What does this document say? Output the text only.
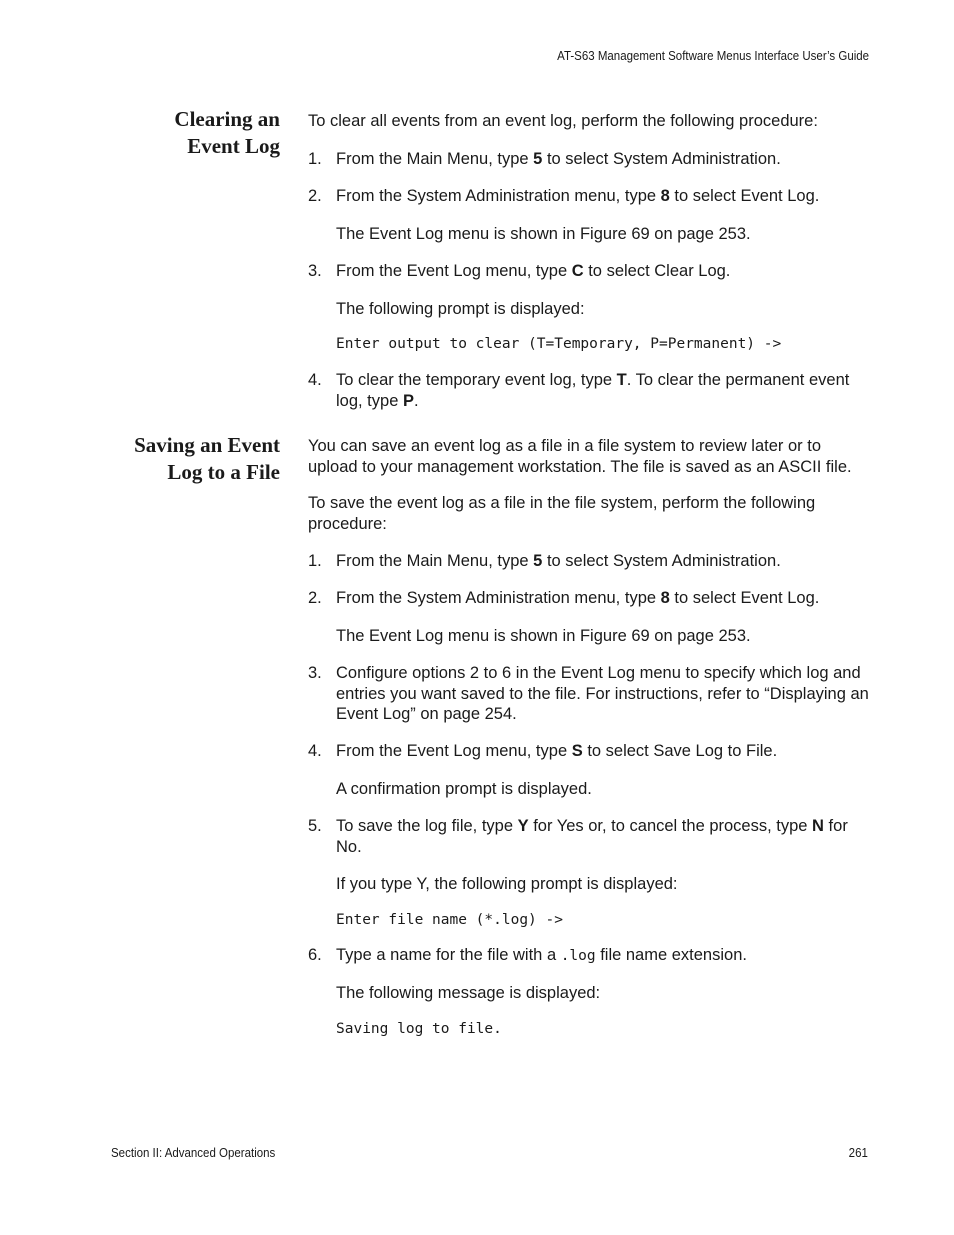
AT-S63 Management Software Menus Interface User’s Guide
Clearing an
Event Log
To clear all events from an event log, perform the following procedure:
1. From the Main Menu, type 5 to select System Administration.
2. From the System Administration menu, type 8 to select Event Log.
The Event Log menu is shown in Figure 69 on page 253.
3. From the Event Log menu, type C to select Clear Log.
The following prompt is displayed:
Enter output to clear (T=Temporary, P=Permanent) ->
4. To clear the temporary event log, type T. To clear the permanent event log, type P.
Saving an Event
Log to a File
You can save an event log as a file in a file system to review later or to upload to your management workstation. The file is saved as an ASCII file.
To save the event log as a file in the file system, perform the following procedure:
1. From the Main Menu, type 5 to select System Administration.
2. From the System Administration menu, type 8 to select Event Log.
The Event Log menu is shown in Figure 69 on page 253.
3. Configure options 2 to 6 in the Event Log menu to specify which log and entries you want saved to the file. For instructions, refer to “Displaying an Event Log” on page 254.
4. From the Event Log menu, type S to select Save Log to File.
A confirmation prompt is displayed.
5. To save the log file, type Y for Yes or, to cancel the process, type N for No.
If you type Y, the following prompt is displayed:
Enter file name (*.log) ->
6. Type a name for the file with a .log file name extension.
The following message is displayed:
Saving log to file.
Section II: Advanced Operations	261
